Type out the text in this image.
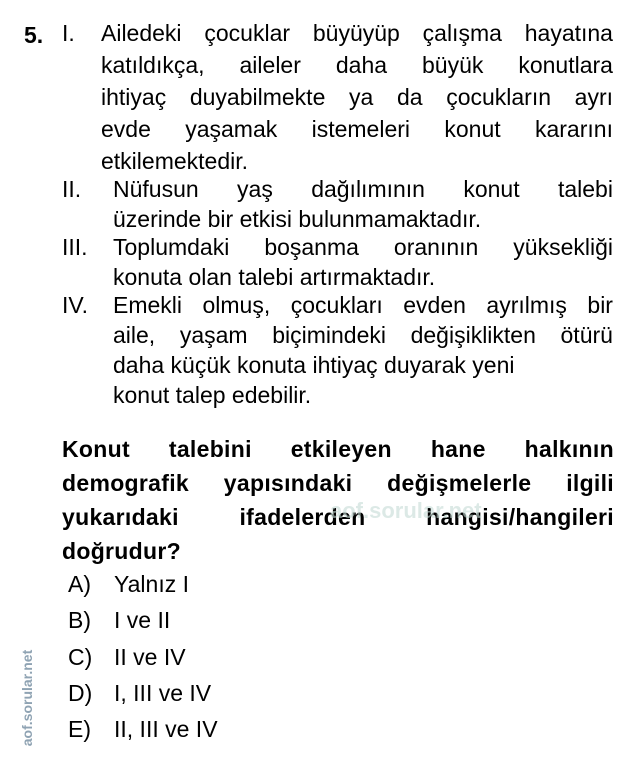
5. I. Ailedeki çocuklar büyüyüp çalışma hayatına
katıldıkça, aileler daha büyük konutlara
ihtiyaç duyabilmekte ya da çocukların ayrı
evde yaşamak istemeleri konut kararını
etkilemektedir.
II. Nüfusun yaş dağılımının konut talebi
üzerinde bir etkisi bulunmamaktadır.
III. Toplumdaki boşanma oranının yüksekliği
konuta olan talebi artırmaktadır.
IV. Emekli olmuş, çocukları evden ayrılmış bir
aile, yaşam biçimindeki değişiklikten ötürü
daha küçük konuta ihtiyaç duyarak yeni
konut talep edebilir.
Konut talebini etkileyen hane halkının
demografik yapısındaki değişmelerle ilgili
yukarıdaki	ifadelerden	hangisi/hangileri
doğrudur?
A) Yalnız I
B) I ve II
C) II ve IV
D) I, III ve IV
E) II, III ve IV
aof.sorular.net
aof.sorular.net
